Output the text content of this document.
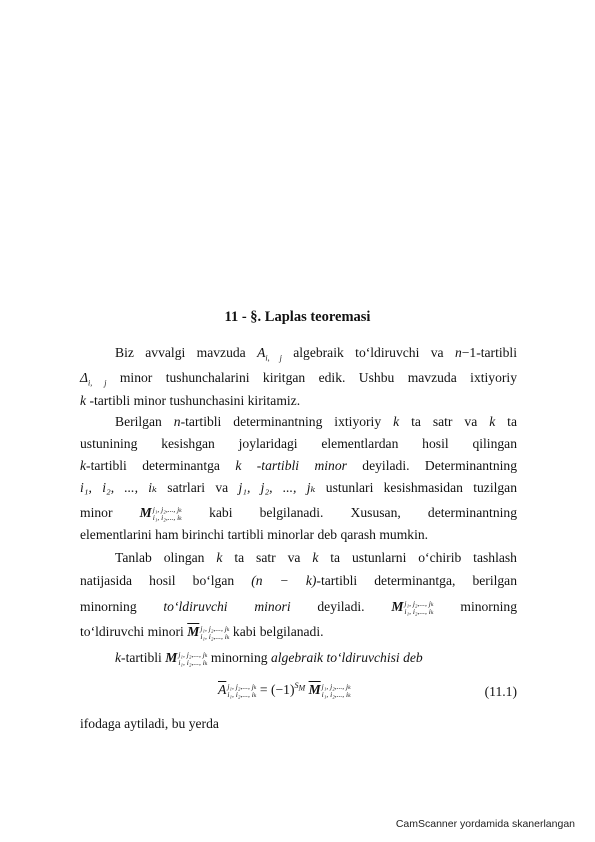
11 - §. Laplas teoremasi
Biz avvalgi mavzuda $A_{i, j}$ algebraik to‘ldiruvchi va n−1-tartibli
$\Delta_{i, j}$ minor tushunchalarini kiritgan edik. Ushbu mavzuda ixtiyoriy
k -tartibli minor tushunchasini kiritamiz.
Berilgan n-tartibli determinantning ixtiyoriy k ta satr va k ta
ustunining kesishgan joylaridagi elementlardan hosil qilingan
k-tartibli determinantga k -tartibli minor deyiladi. Determinantning
i₁, i₂, ..., iₖ satrlari va j₁, j₂, ..., jₖ ustunlari kesishmasidan tuzilgan
minor M j₁, j₂,..., jₖ
i₁, i₂,..., iₖ kabi belgilanadi. Xususan, determinantning
elementlarini ham birinchi tartibli minorlar deb qarash mumkin.
Tanlab olingan k ta satr va k ta ustunlarni o‘chirib tashlash
natijasida hosil bo‘lgan (n − k)-tartibli determinantga, berilgan
minorning to‘ldiruvchi minori deyiladi. M j₁, j₂,..., jₖ
i₁, i₂,..., iₖ minorning
to‘ldiruvchi minori $\overline{M}$ j₁, j₂,..., jₖ
i₁, i₂,..., iₖ kabi belgilanadi.
k-tartibli M j₁, j₂,..., jₖ
i₁, i₂,..., iₖ minorning algebraik to‘ldiruvchisi deb
$\overline{A}$ j₁, j₂,..., jₖ
i₁, i₂,..., iₖ = (−1)℠ $\overline{M}$ j₁, j₂,..., jₖ
i₁, i₂,..., iₖ	(11.1)
ifodaga aytiladi, bu yerda
CamScanner yordamida skanerlangan
